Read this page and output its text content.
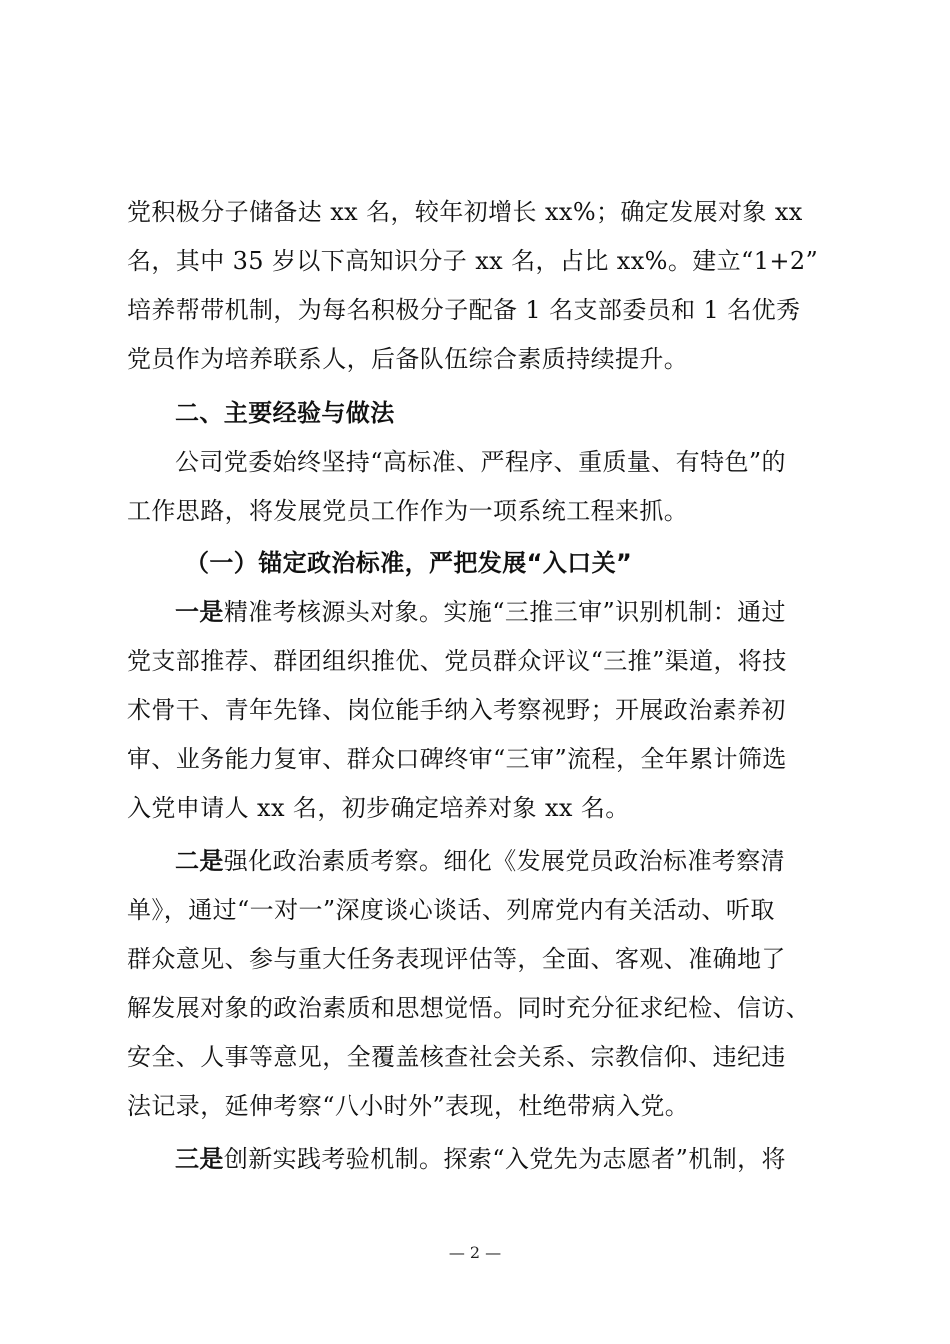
党积极分子储备达 xx 名，较年初增长 xx%；确定发展对象 xx
名，其中 35 岁以下高知识分子 xx 名，占比 xx%。建立“1+2”
培养帮带机制，为每名积极分子配备 1 名支部委员和 1 名优秀
党员作为培养联系人，后备队伍综合素质持续提升。
二、主要经验与做法
公司党委始终坚持“高标准、严程序、重质量、有特色”的
工作思路，将发展党员工作作为一项系统工程来抓。
（一）锚定政治标准，严把发展“入口关”
一是精准考核源头对象。实施“三推三审”识别机制：通过
党支部推荐、群团组织推优、党员群众评议“三推”渠道，将技
术骨干、青年先锋、岗位能手纳入考察视野；开展政治素养初
审、业务能力复审、群众口碑终审“三审”流程，全年累计筛选
入党申请人 xx 名，初步确定培养对象 xx 名。
二是强化政治素质考察。细化《发展党员政治标准考察清
单》，通过“一对一”深度谈心谈话、列席党内有关活动、听取
群众意见、参与重大任务表现评估等，全面、客观、准确地了
解发展对象的政治素质和思想觉悟。同时充分征求纪检、信访、
安全、人事等意见，全覆盖核查社会关系、宗教信仰、违纪违
法记录，延伸考察“八小时外”表现，杜绝带病入党。
三是创新实践考验机制。探索“入党先为志愿者”机制，将
— 2 —
